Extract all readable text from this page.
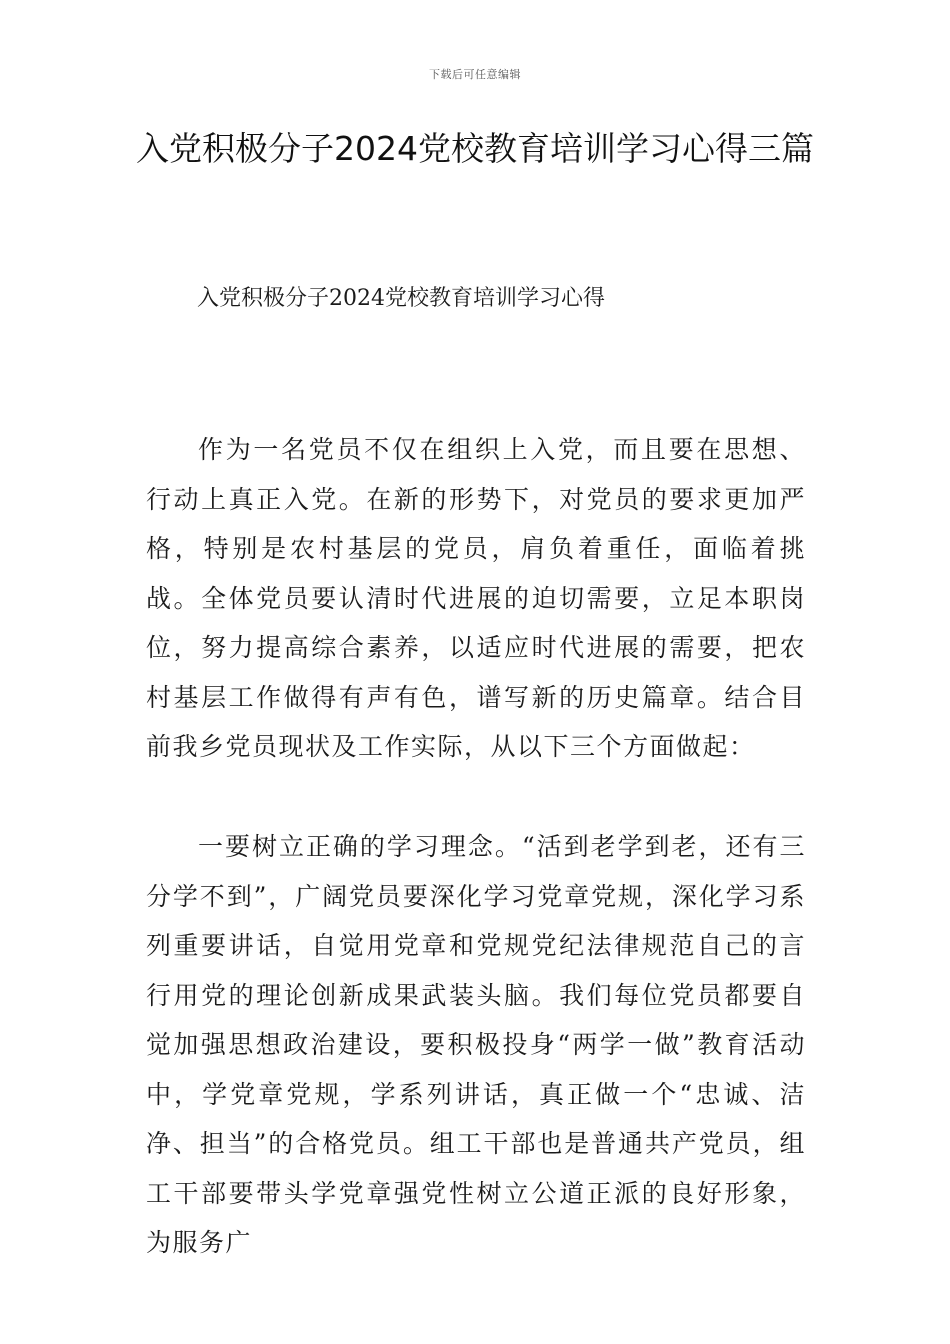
下载后可任意编辑
入党积极分子2024党校教育培训学习心得三篇
入党积极分子2024党校教育培训学习心得

作为一名党员不仅在组织上入党，而且要在思想、行动上真正入党。在新的形势下，对党员的要求更加严格，特别是农村基层的党员，肩负着重任，面临着挑战。全体党员要认清时代进展的迫切需要，立足本职岗位，努力提高综合素养，以适应时代进展的需要，把农村基层工作做得有声有色，谱写新的历史篇章。结合目前我乡党员现状及工作实际，从以下三个方面做起：

一要树立正确的学习理念。“活到老学到老，还有三分学不到”，广阔党员要深化学习党章党规，深化学习系列重要讲话，自觉用党章和党规党纪法律规范自己的言行用党的理论创新成果武装头脑。我们每位党员都要自觉加强思想政治建设，要积极投身“两学一做”教育活动中，学党章党规，学系列讲话，真正做一个“忠诚、洁净、担当”的合格党员。组工干部也是普通共产党员，组工干部要带头学党章强党性树立公道正派的良好形象，为服务广
